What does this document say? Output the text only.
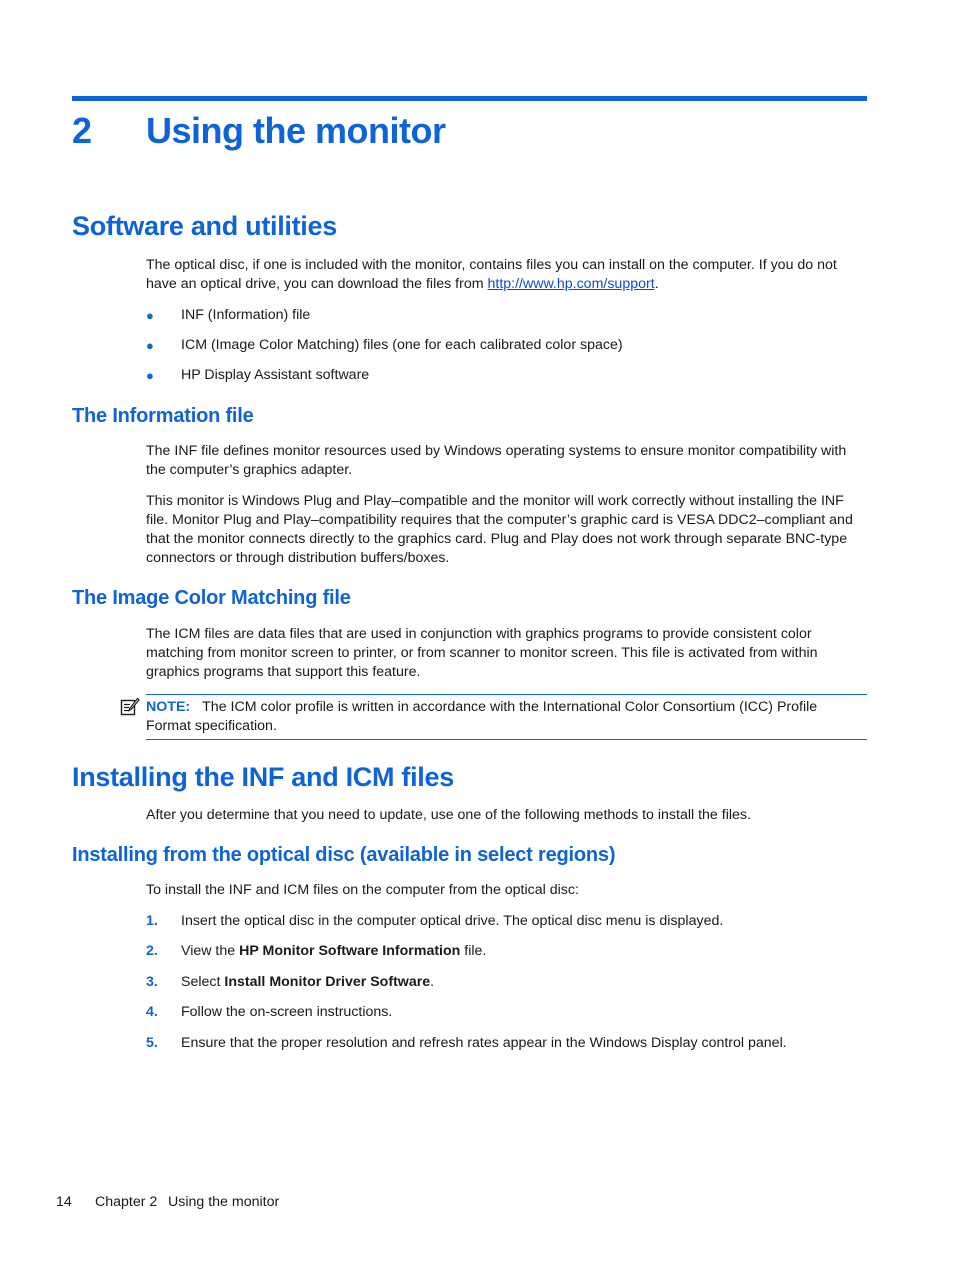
2 Using the monitor
Software and utilities
The optical disc, if one is included with the monitor, contains files you can install on the computer. If you do not have an optical drive, you can download the files from http://www.hp.com/support.
● INF (Information) file
● ICM (Image Color Matching) files (one for each calibrated color space)
● HP Display Assistant software
The Information file
The INF file defines monitor resources used by Windows operating systems to ensure monitor compatibility with the computer’s graphics adapter.
This monitor is Windows Plug and Play–compatible and the monitor will work correctly without installing the INF file. Monitor Plug and Play–compatibility requires that the computer’s graphic card is VESA DDC2–compliant and that the monitor connects directly to the graphics card. Plug and Play does not work through separate BNC-type connectors or through distribution buffers/boxes.
The Image Color Matching file
The ICM files are data files that are used in conjunction with graphics programs to provide consistent color matching from monitor screen to printer, or from scanner to monitor screen. This file is activated from within graphics programs that support this feature.
NOTE: The ICM color profile is written in accordance with the International Color Consortium (ICC) Profile Format specification.
Installing the INF and ICM files
After you determine that you need to update, use one of the following methods to install the files.
Installing from the optical disc (available in select regions)
To install the INF and ICM files on the computer from the optical disc:
1. Insert the optical disc in the computer optical drive. The optical disc menu is displayed.
2. View the HP Monitor Software Information file.
3. Select Install Monitor Driver Software.
4. Follow the on-screen instructions.
5. Ensure that the proper resolution and refresh rates appear in the Windows Display control panel.
14 Chapter 2 Using the monitor
